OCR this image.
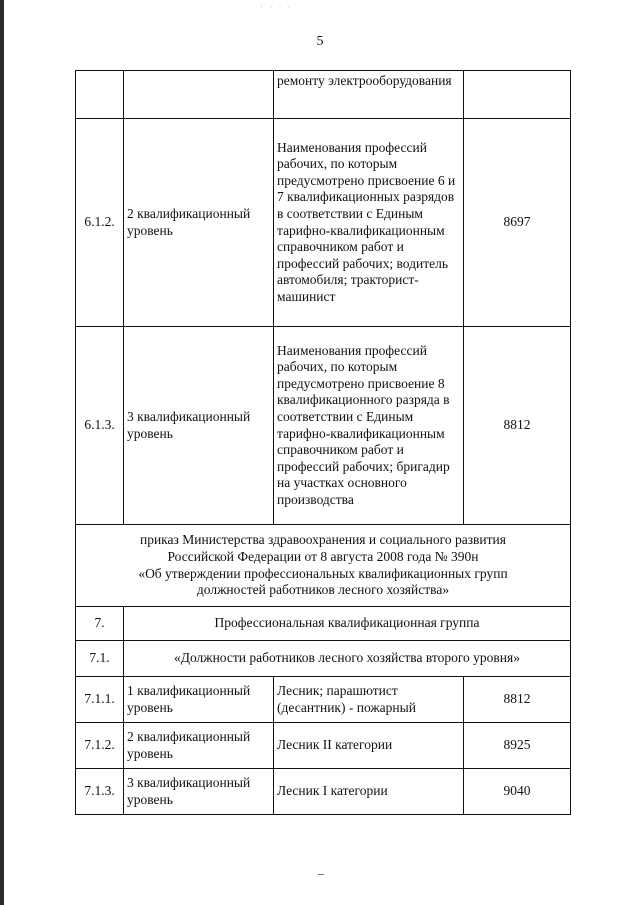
· · · ·
5
		ремонту электрооборудования	
6.1.2.	2 квалификационный уровень	Наименования профессий рабочих, по которым предусмотрено присвоение 6 и 7 квалификационных разрядов в соответствии с Единым тарифно-квалификационным справочником работ и профессий рабочих; водитель автомобиля; тракторист-машинист	8697
6.1.3.	3 квалификационный уровень	Наименования профессий рабочих, по которым предусмотрено присвоение 8 квалификационного разряда в соответствии с Единым тарифно-квалификационным справочником работ и профессий рабочих; бригадир на участках основного производства	8812

приказ Министерства здравоохранения и социального развития
Российской Федерации от 8 августа 2008 года № 390н
«Об утверждении профессиональных квалификационных групп
должностей работников лесного хозяйства»			

7.	Профессиональная квалификационная группа		
7.1.	«Должности работников лесного хозяйства второго уровня»		
7.1.1.	1 квалификационный уровень	Лесник; парашютист (десантник) - пожарный	8812
7.1.2.	2 квалификационный уровень	Лесник II категории	8925
7.1.3.	3 квалификационный уровень	Лесник I категории	9040
